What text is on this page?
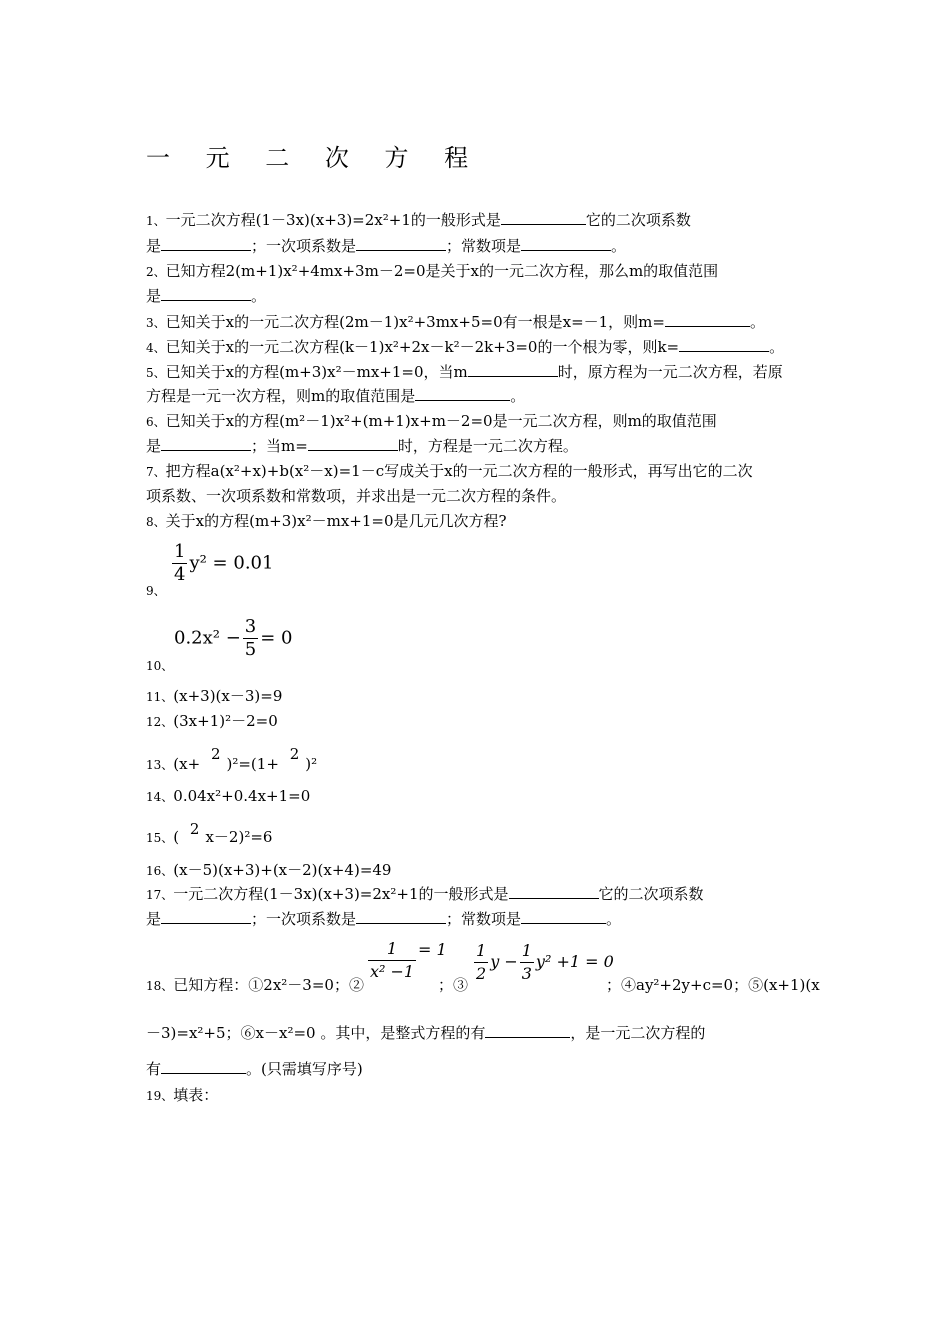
一 元 二 次 方 程
1、一元二次方程(1－3x)(x+3)=2x²+1的一般形式是	它的二次项系数
是	；一次项系数是	；常数项是	。
2、已知方程2(m+1)x²+4mx+3m－2=0是关于x的一元二次方程，那么m的取值范围
是	。
3、已知关于x的一元二次方程(2m－1)x²+3mx+5=0有一根是x=－1，则m=	。
4、已知关于x的一元二次方程(k－1)x²+2x－k²－2k+3=0的一个根为零，则k=	。
5、已知关于x的方程(m+3)x²－mx+1=0，当m	时，原方程为一元二次方程，若原
方程是一元一次方程，则m的取值范围是	。
6、已知关于x的方程(m²－1)x²+(m+1)x+m－2=0是一元二次方程，则m的取值范围
是	；当m=	时，方程是一元二次方程。
7、把方程a(x²+x)+b(x²－x)=1－c写成关于x的一元二次方程的一般形式，再写出它的二次
项系数、一次项系数和常数项，并求出是一元二次方程的条件。
8、关于x的方程(m+3)x²－mx+1=0是几元几次方程?
$\frac{1}{4} y^2 = 0.01$
9、
$0.2x^2 - \frac{3}{5} = 0$
10、
11、(x+3)(x－3)=9
12、(3x+1)²－2=0
13、(x+ 2)²=(1+ 2)²
14、0.04x²+0.4x+1=0
15、( 2 x－2)²=6
16、(x－5)(x+3)+(x－2)(x+4)=49
17、一元二次方程(1－3x)(x+3)=2x²+1的一般形式是	它的二次项系数
是	；一次项系数是	；常数项是	。
18、已知方程：①2x²－3=0；②
$\frac{1}{\text{x² −1}} = 1$
；③ $\frac{1}{2}$ $y - \frac{1}{3} y^2 +1 = 0$
；④ay²+2y+c=0；⑤(x+1)(x
－3)=x²+5；⑥x－x²=0 。其中，是整式方程的有	，是一元二次方程的
有	。(只需填写序号)
19、填表：
